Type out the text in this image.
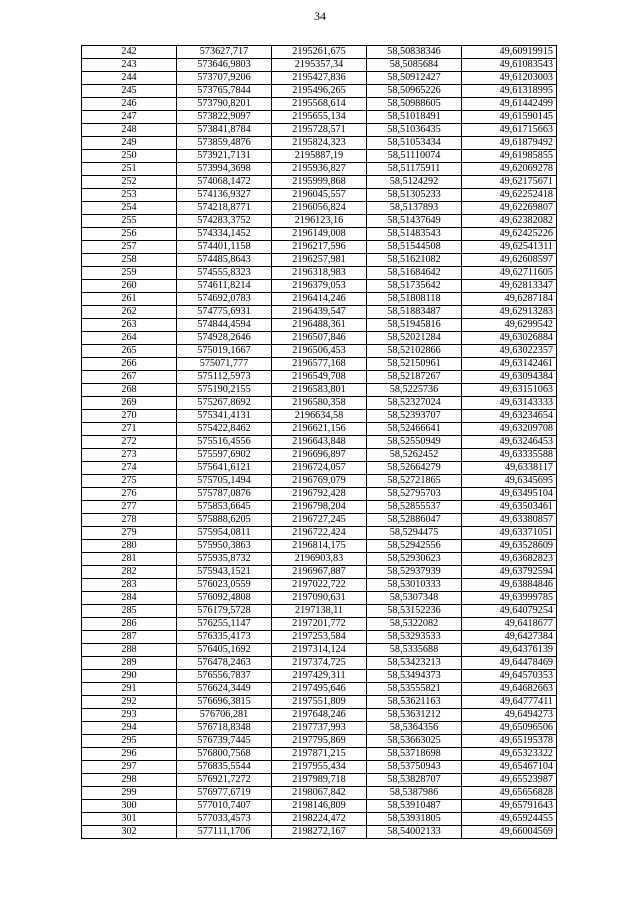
34
242	573627,717	2195261,675	58,50838346	49,60919915
243	573646,9803	2195357,34	58,5085684	49,61083543
244	573707,9206	2195427,836	58,50912427	49,61203003
245	573765,7844	2195496,265	58,50965226	49,61318995
246	573790,8201	2195568,614	58,50988605	49,61442499
247	573822,9097	2195655,134	58,51018491	49,61590145
248	573841,8784	2195728,571	58,51036435	49,61715663
249	573859,4876	2195824,323	58,51053434	49,61879492
250	573921,7131	2195887,19	58,51110074	49,61985855
251	573994,3698	2195936,827	58,51175911	49,62069278
252	574068,1472	2195999,868	58,5124292	49,62175671
253	574136,9327	2196045,557	58,51305233	49,62252418
254	574218,8771	2196056,824	58,5137893	49,62269807
255	574283,3752	2196123,16	58,51437649	49,62382082
256	574334,1452	2196149,008	58,51483543	49,62425226
257	574401,1158	2196217,596	58,51544508	49,62541311
258	574485,8643	2196257,981	58,51621082	49,62608597
259	574555,8323	2196318,983	58,51684642	49,62711605
260	574611,8214	2196379,053	58,51735642	49,62813347
261	574692,0783	2196414,246	58,51808118	49,6287184
262	574775,6931	2196439,547	58,51883487	49,62913283
263	574844,4594	2196488,361	58,51945816	49,6299542
264	574928,2646	2196507,846	58,52021284	49,63026884
265	575019,1667	2196506,453	58,52102866	49,63022357
266	575071,777	2196577,168	58,52150961	49,63142461
267	575112,5973	2196549,708	58,52187267	49,63094384
268	575190,2155	2196583,801	58,5225736	49,63151063
269	575267,8692	2196580,358	58,52327024	49,63143333
270	575341,4131	2196634,58	58,52393707	49,63234654
271	575422,8462	2196621,156	58,52466641	49,63209708
272	575516,4556	2196643,848	58,52550949	49,63246453
273	575597,6902	2196696,897	58,5262452	49,63335588
274	575641,6121	2196724,057	58,52664279	49,6338117
275	575705,1494	2196769,079	58,52721865	49,6345695
276	575787,0876	2196792,428	58,52795703	49,63495104
277	575853,6645	2196798,204	58,52855537	49,63503461
278	575888,6205	2196727,245	58,52886047	49,63380857
279	575954,0811	2196722,424	58,5294475	49,63371051
280	575950,3863	2196814,175	58,52942556	49,63528609
281	575935,8732	2196903,83	58,52930623	49,63682823
282	575943,1521	2196967,887	58,52937939	49,63792594
283	576023,0559	2197022,722	58,53010333	49,63884846
284	576092,4808	2197090,631	58,5307348	49,63999785
285	576179,5728	2197138,11	58,53152236	49,64079254
286	576255,1147	2197201,772	58,5322082	49,6418677
287	576335,4173	2197253,584	58,53293533	49,6427384
288	576405,1692	2197314,124	58,5335688	49,64376139
289	576478,2463	2197374,725	58,53423213	49,64478469
290	576556,7837	2197429,311	58,53494373	49,64570353
291	576624,3449	2197495,646	58,53555821	49,64682663
292	576696,3815	2197551,809	58,53621163	49,64777411
293	576706,281	2197648,246	58,53631212	49,6494273
294	576718,8348	2197737,993	58,5364356	49,65096506
295	576739,7445	2197795,869	58,53663025	49,65195378
296	576800,7568	2197871,215	58,53718698	49,65323322
297	576835,5544	2197955,434	58,53750943	49,65467104
298	576921,7272	2197989,718	58,53828707	49,65523987
299	576977,6719	2198067,842	58,5387986	49,65656828
300	577010,7407	2198146,809	58,53910487	49,65791643
301	577033,4573	2198224,472	58,53931805	49,65924455
302	577111,1706	2198272,167	58,54002133	49,66004569
